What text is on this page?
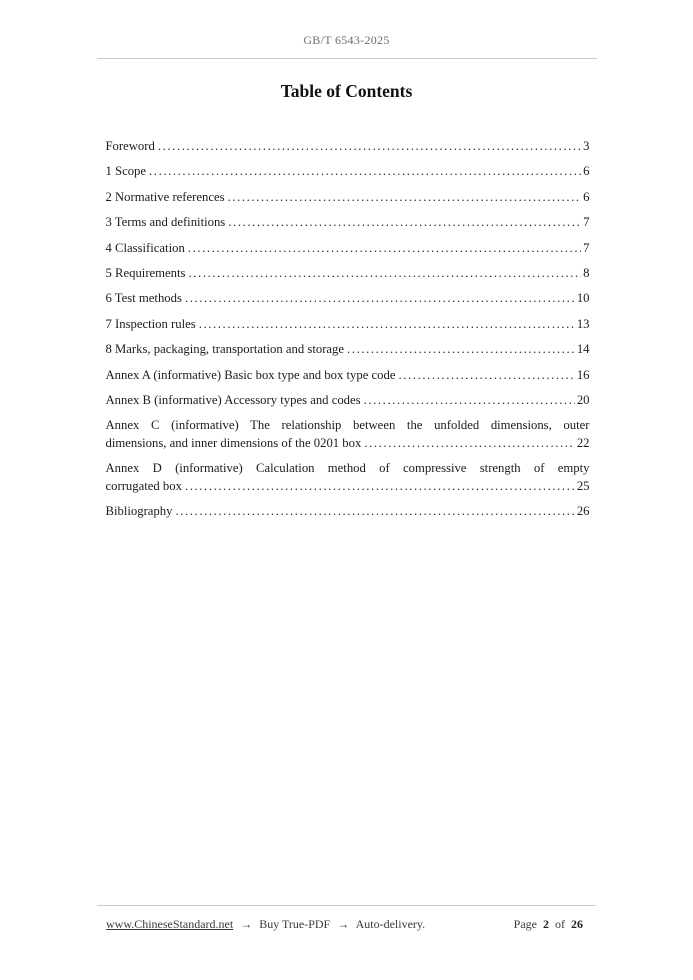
GB/T 6543-2025
Table of Contents
Foreword .....	3
1 Scope .....	6
2 Normative references .....	6
3 Terms and definitions .....	7
4 Classification .....	7
5 Requirements .....	8
6 Test methods .....	10
7 Inspection rules .....	13
8 Marks, packaging, transportation and storage .....	14
Annex A (informative) Basic box type and box type code .....	16
Annex B (informative) Accessory types and codes .....	20
Annex C (informative) The relationship between the unfolded dimensions, outer
dimensions, and inner dimensions of the 0201 box .....	22
Annex D (informative) Calculation method of compressive strength of empty
corrugated box .....	25
Bibliography .....	26
www.ChineseStandard.net → Buy True-PDF → Auto-delivery.	Page 2 of 26
